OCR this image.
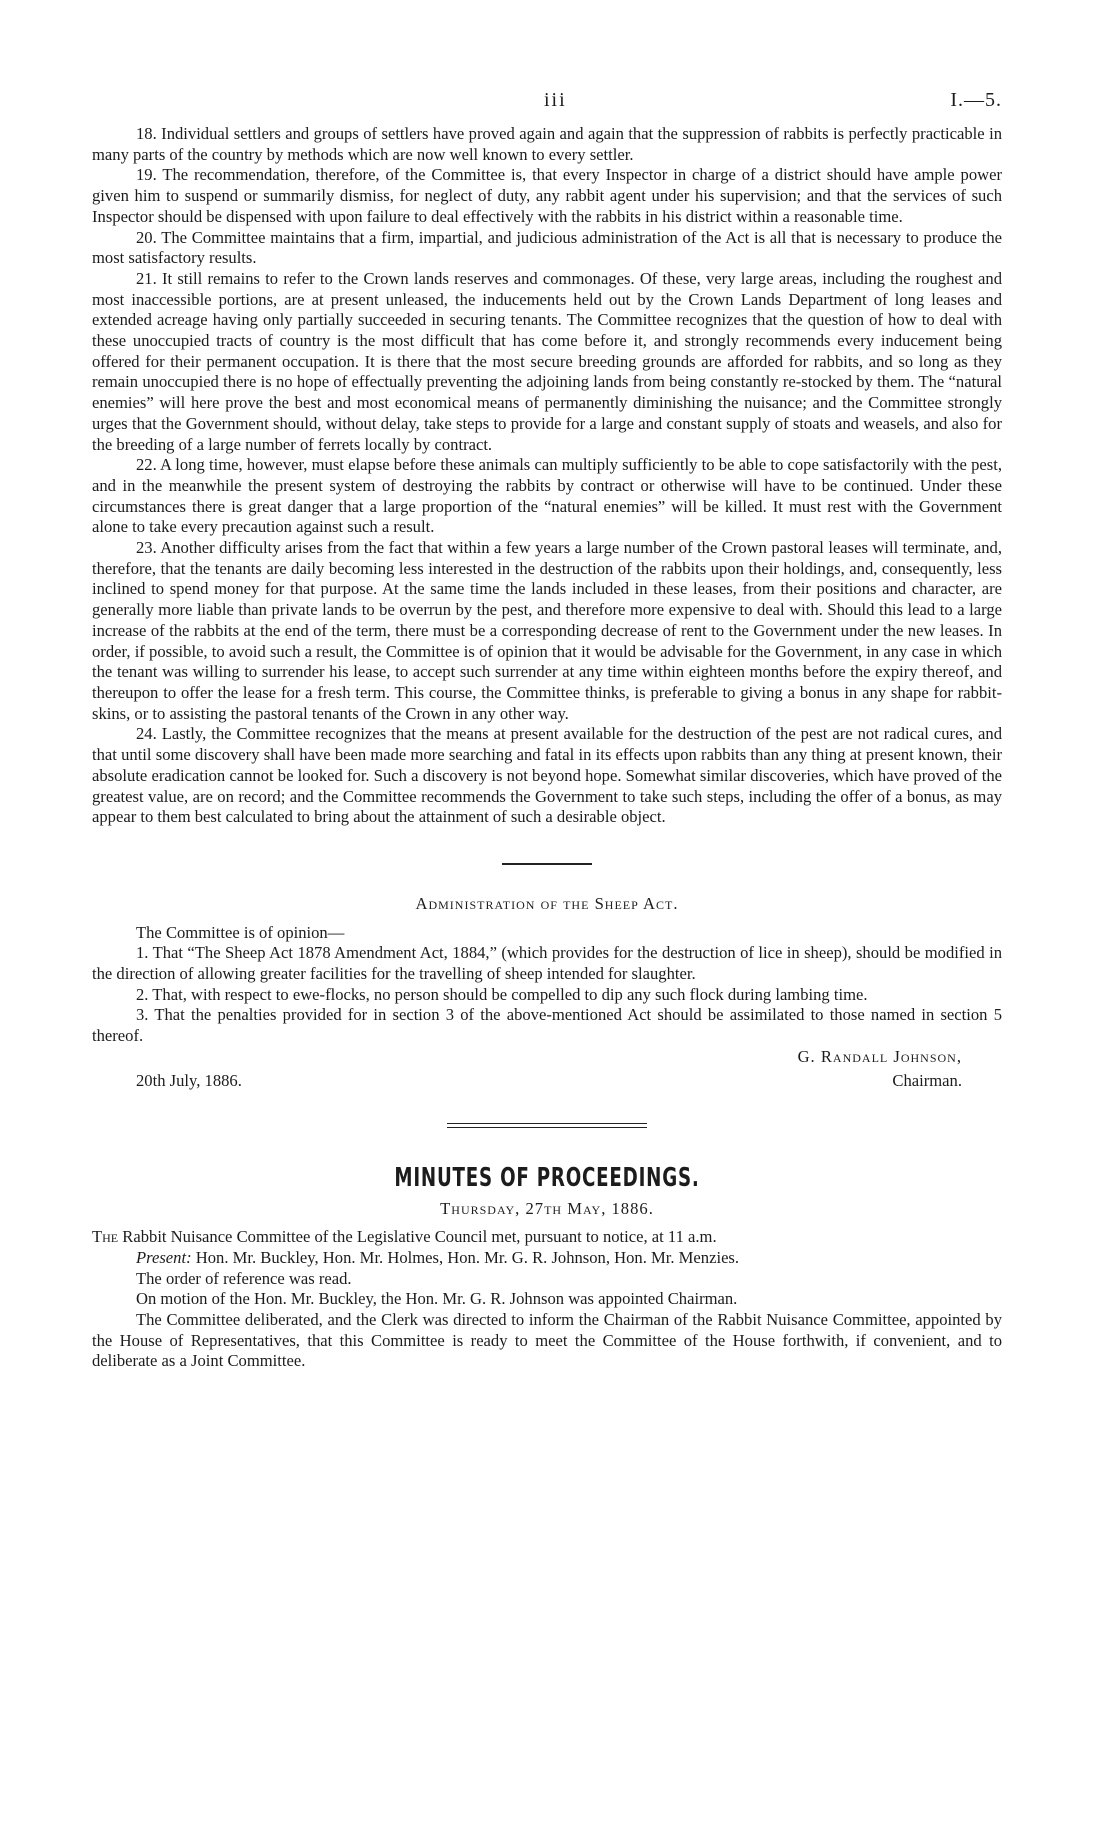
iii	I.—5.

18. Individual settlers and groups of settlers have proved again and again that the suppression of rabbits is perfectly practicable in many parts of the country by methods which are now well known to every settler.

19. The recommendation, therefore, of the Committee is, that every Inspector in charge of a district should have ample power given him to suspend or summarily dismiss, for neglect of duty, any rabbit agent under his supervision; and that the services of such Inspector should be dispensed with upon failure to deal effectively with the rabbits in his district within a reasonable time.

20. The Committee maintains that a firm, impartial, and judicious administration of the Act is all that is necessary to produce the most satisfactory results.

21. It still remains to refer to the Crown lands reserves and commonages. Of these, very large areas, including the roughest and most inaccessible portions, are at present unleased, the inducements held out by the Crown Lands Department of long leases and extended acreage having only partially succeeded in securing tenants. The Committee recognizes that the question of how to deal with these unoccupied tracts of country is the most difficult that has come before it, and strongly recommends every inducement being offered for their permanent occupation. It is there that the most secure breeding grounds are afforded for rabbits, and so long as they remain unoccupied there is no hope of effectually preventing the adjoining lands from being constantly re-stocked by them. The “natural enemies” will here prove the best and most economical means of permanently diminishing the nuisance; and the Committee strongly urges that the Government should, without delay, take steps to provide for a large and constant supply of stoats and weasels, and also for the breeding of a large number of ferrets locally by contract.

22. A long time, however, must elapse before these animals can multiply sufficiently to be able to cope satisfactorily with the pest, and in the meanwhile the present system of destroying the rabbits by contract or otherwise will have to be continued. Under these circumstances there is great danger that a large proportion of the “natural enemies” will be killed. It must rest with the Government alone to take every precaution against such a result.

23. Another difficulty arises from the fact that within a few years a large number of the Crown pastoral leases will terminate, and, therefore, that the tenants are daily becoming less interested in the destruction of the rabbits upon their holdings, and, consequently, less inclined to spend money for that purpose. At the same time the lands included in these leases, from their positions and character, are generally more liable than private lands to be overrun by the pest, and therefore more expensive to deal with. Should this lead to a large increase of the rabbits at the end of the term, there must be a corresponding decrease of rent to the Government under the new leases. In order, if possible, to avoid such a result, the Committee is of opinion that it would be advisable for the Government, in any case in which the tenant was willing to surrender his lease, to accept such surrender at any time within eighteen months before the expiry thereof, and thereupon to offer the lease for a fresh term. This course, the Committee thinks, is preferable to giving a bonus in any shape for rabbit-skins, or to assisting the pastoral tenants of the Crown in any other way.

24. Lastly, the Committee recognizes that the means at present available for the destruction of the pest are not radical cures, and that until some discovery shall have been made more searching and fatal in its effects upon rabbits than any thing at present known, their absolute eradication cannot be looked for. Such a discovery is not beyond hope. Somewhat similar discoveries, which have proved of the greatest value, are on record; and the Committee recommends the Government to take such steps, including the offer of a bonus, as may appear to them best calculated to bring about the attainment of such a desirable object.

Administration of the Sheep Act.

The Committee is of opinion—

1. That “The Sheep Act 1878 Amendment Act, 1884,” (which provides for the destruction of lice in sheep), should be modified in the direction of allowing greater facilities for the travelling of sheep intended for slaughter.

2. That, with respect to ewe-flocks, no person should be compelled to dip any such flock during lambing time.

3. That the penalties provided for in section 3 of the above-mentioned Act should be assimilated to those named in section 5 thereof.

G. Randall Johnson,
20th July, 1886.	Chairman.
MINUTES OF PROCEEDINGS.
Thursday, 27th May, 1886.

The Rabbit Nuisance Committee of the Legislative Council met, pursuant to notice, at 11 a.m.

Present: Hon. Mr. Buckley, Hon. Mr. Holmes, Hon. Mr. G. R. Johnson, Hon. Mr. Menzies.

The order of reference was read.

On motion of the Hon. Mr. Buckley, the Hon. Mr. G. R. Johnson was appointed Chairman.

The Committee deliberated, and the Clerk was directed to inform the Chairman of the Rabbit Nuisance Committee, appointed by the House of Representatives, that this Committee is ready to meet the Committee of the House forthwith, if convenient, and to deliberate as a Joint Committee.
